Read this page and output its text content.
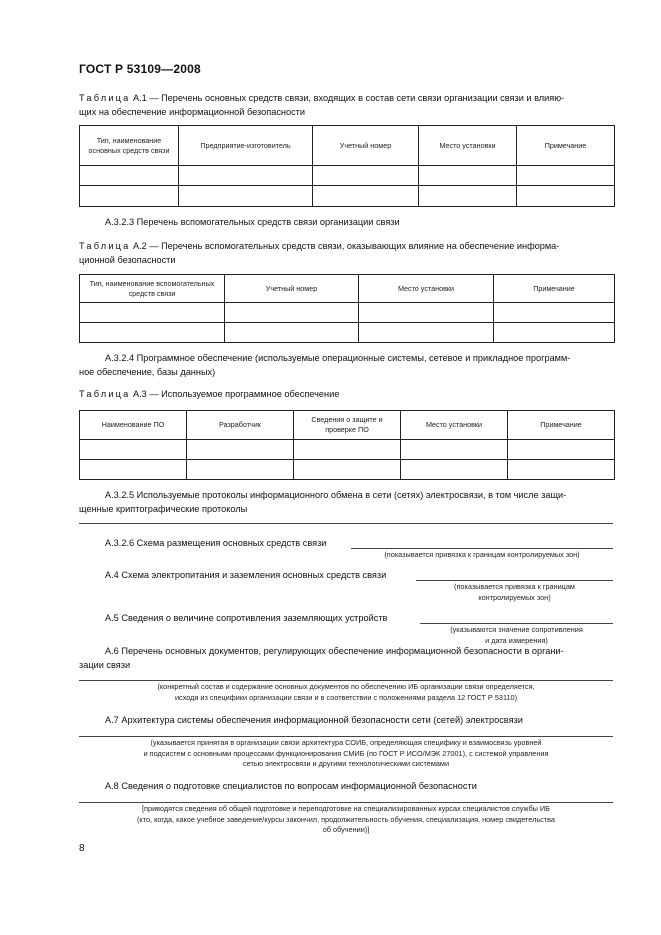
ГОСТ Р 53109—2008
Таблица А.1 — Перечень основных средств связи, входящих в состав сети связи организации связи и влияю-
щих на обеспечение информационной безопасности
Тип, наименование основных средств связи	Предприятие-изготовитель	Учетный номер	Место установки	Примечание

А.3.2.3 Перечень вспомогательных средств связи организации связи
Таблица А.2 — Перечень вспомогательных средств связи, оказывающих влияние на обеспечение информа-
ционной безопасности
Тип, наименование вспомогательных средств связи	Учетный номер	Место установки	Примечание

А.3.2.4 Программное обеспечение (используемые операционные системы, сетевое и прикладное программ-
ное обеспечение, базы данных)
Таблица А.3 — Используемое программное обеспечение
Наименование ПО	Разработчик	Сведения о защите и проверке ПО	Место установки	Примечание

А.3.2.5 Используемые протоколы информационного обмена в сети (сетях) электросвязи, в том числе защи-
щенные криптографические протоколы
А.3.2.6 Схема размещения основных средств связи
(показывается привязка к границам контролируемых зон)
А.4 Схема электропитания и заземления основных средств связи
(показывается привязка к границам
контролируемых зон)
А.5 Сведения о величине сопротивления заземляющих устройств
(указываются значение сопротивления
и дата измерения)
А.6 Перечень основных документов, регулирующих обеспечение информационной безопасности в органи-
зации связи
(конкретный состав и содержание основных документов по обеспечению ИБ организации связи определяется,
исходя из специфики организации связи и в соответствии с положениями раздела 12 ГОСТ Р 53110)
А.7 Архитектура системы обеспечения информационной безопасности сети (сетей) электросвязи
(указывается принятая в организации связи архитектура СОИБ, определяющая специфику и взаимосвязь уровней
и подсистем с основными процессами функционирования СМИБ (по ГОСТ Р ИСО/МЭК 27001), с системой управления
сетью электросвязи и другими технологическими системами
А.8 Сведения о подготовке специалистов по вопросам информационной безопасности
[приводятся сведения об общей подготовке и переподготовке на специализированных курсах специалистов службы ИБ
(кто, когда, какое учебное заведение/курсы закончил, продолжительность обучения, специализация, номер свидетельства
об обучении)]
8
